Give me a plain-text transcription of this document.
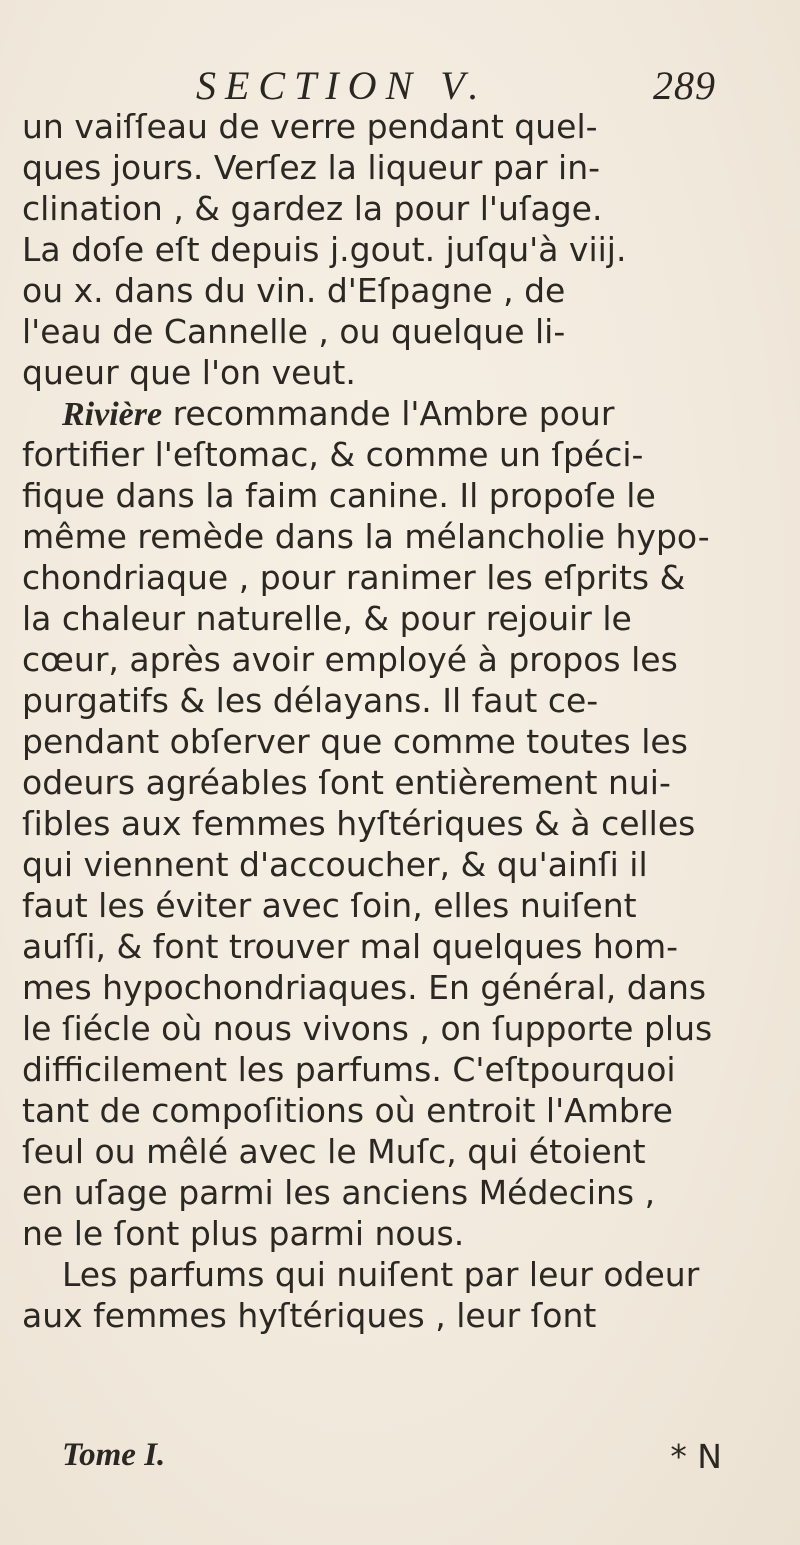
SECTION V.	289
un vaiſſeau de verre pendant quel-
ques jours. Verſez la liqueur par in-
clination , & gardez la pour l'uſage.
La doſe eſt depuis j.gout. juſqu'à viij.
ou x. dans du vin. d'Eſpagne , de
l'eau de Cannelle , ou quelque li-
queur que l'on veut.
Rivière recommande l'Ambre pour
fortifier l'eſtomac, & comme un ſpéci-
fique dans la faim canine. Il propoſe le
même remède dans la mélancholie hypo-
chondriaque , pour ranimer les eſprits &
la chaleur naturelle, & pour rejouir le
cœur, après avoir employé à propos les
purgatifs & les délayans. Il faut ce-
pendant obſerver que comme toutes les
odeurs agréables ſont entièrement nui-
ſibles aux femmes hyſtériques & à celles
qui viennent d'accoucher, & qu'ainſi il
faut les éviter avec ſoin, elles nuiſent
auſſi, & font trouver mal quelques hom-
mes hypochondriaques. En général, dans
le ſiécle où nous vivons , on ſupporte plus
difficilement les parfums. C'eſtpourquoi
tant de compoſitions où entroit l'Ambre
ſeul ou mêlé avec le Muſc, qui étoient
en uſage parmi les anciens Médecins ,
ne le ſont plus parmi nous.
Les parfums qui nuiſent par leur odeur
aux femmes hyſtériques , leur ſont
Tome I.	* N
